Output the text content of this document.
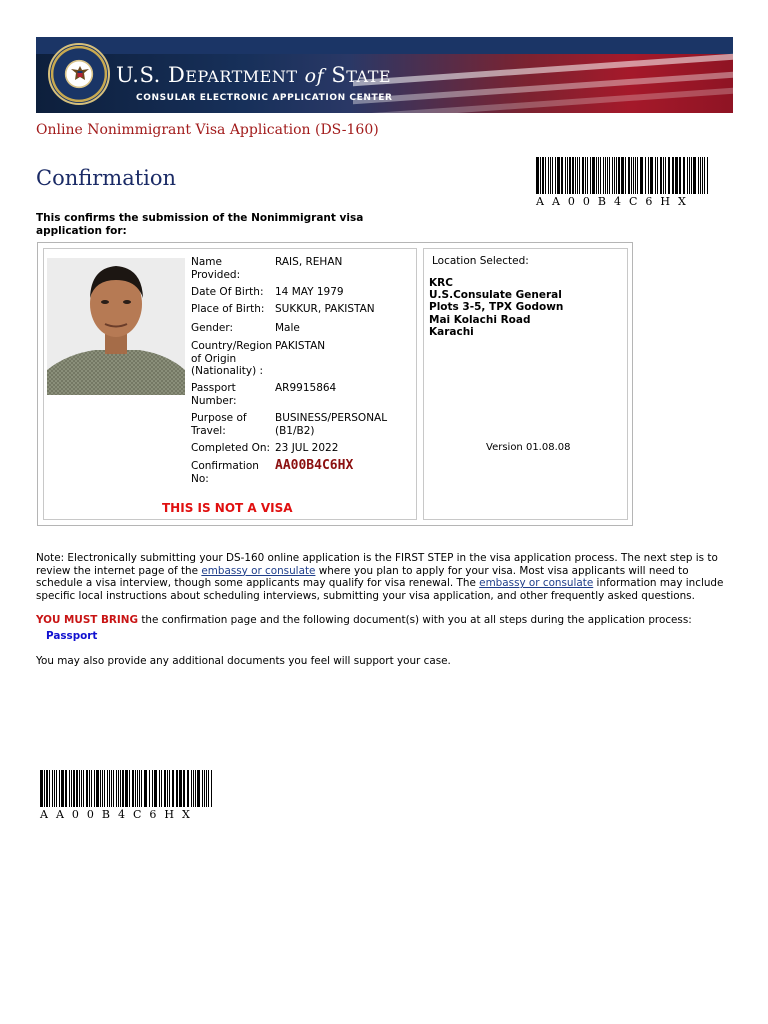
U.S. DEPARTMENT of STATE
CONSULAR ELECTRONIC APPLICATION CENTER
Online Nonimmigrant Visa Application (DS-160)
Confirmation
AA00B4C6HX
This confirms the submission of the Nonimmigrant visa application for:
Name Provided:
RAIS, REHAN
Date Of Birth:	14 MAY 1979
Place of Birth:	SUKKUR, PAKISTAN
Gender:	Male
Country/Region of Origin (Nationality) :
PAKISTAN
Passport Number:
AR9915864
Purpose of Travel:
BUSINESS/PERSONAL (B1/B2)
Completed On: 23 JUL 2022
Confirmation No:
AA00B4C6HX
THIS IS NOT A VISA
Location Selected:
KRC
U.S.Consulate General
Plots 3-5, TPX Godown
Mai Kolachi Road
Karachi
Version 01.08.08
Note: Electronically submitting your DS-160 online application is the FIRST STEP in the visa application process. The next step is to review the internet page of the embassy or consulate where you plan to apply for your visa. Most visa applicants will need to schedule a visa interview, though some applicants may qualify for visa renewal. The embassy or consulate information may include specific local instructions about scheduling interviews, submitting your visa application, and other frequently asked questions.
YOU MUST BRING the confirmation page and the following document(s) with you at all steps during the application process:
Passport
You may also provide any additional documents you feel will support your case.
AA00B4C6HX
